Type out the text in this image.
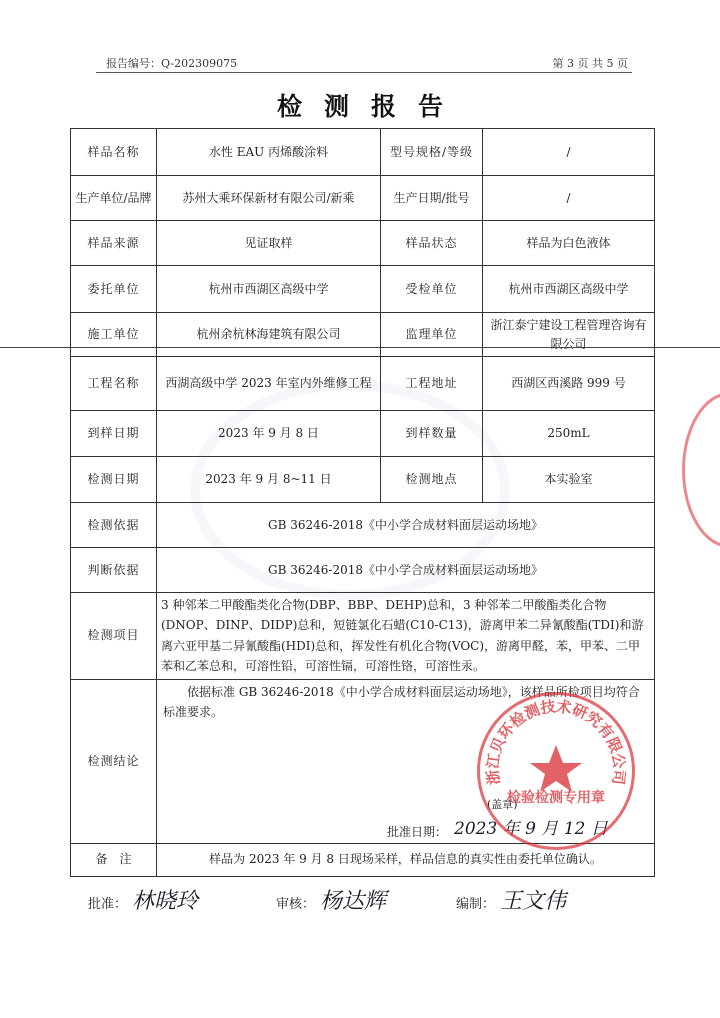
报告编号：Q-202309075	第 3 页 共 5 页
检测报告
样品名称	水性 EAU 丙烯酸涂料	型号规格/等级	/
生产单位/品牌	苏州大乘环保新材有限公司/新乘	生产日期/批号	/
样品来源	见证取样	样品状态	样品为白色液体
委托单位	杭州市西湖区高级中学	受检单位	杭州市西湖区高级中学
施工单位	杭州余杭林海建筑有限公司	监理单位	浙江泰宁建设工程管理咨询有限公司
工程名称	西湖高级中学 2023 年室内外维修工程	工程地址	西湖区西溪路 999 号
到样日期	2023 年 9 月 8 日	到样数量	250mL
检测日期	2023 年 9 月 8~11 日	检测地点	本实验室
检测依据	GB 36246-2018《中小学合成材料面层运动场地》		
判断依据	GB 36246-2018《中小学合成材料面层运动场地》		
检测项目	3 种邻苯二甲酸酯类化合物(DBP、BBP、DEHP)总和，3 种邻苯二甲酸酯类化合物(DNOP、DINP、DIDP)总和，短链氯化石蜡(C10-C13)，游离甲苯二异氰酸酯(TDI)和游离六亚甲基二异氰酸酯(HDI)总和，挥发性有机化合物(VOC)，游离甲醛，苯，甲苯、二甲苯和乙苯总和，可溶性铅，可溶性镉，可溶性铬，可溶性汞。		
检测结论	依据标准 GB 36246-2018《中小学合成材料面层运动场地》，该样品所检项目均符合标准要求。
(盖章)
批准日期： 2023 年 9 月 12 日		

备　注	样品为 2023 年 9 月 8 日现场采样，样品信息的真实性由委托单位确认。		
浙江贝环检测技术研究有限公司
检验检测专用章
批准： 林晓玲	审核： 杨达辉	编制： 王文伟
